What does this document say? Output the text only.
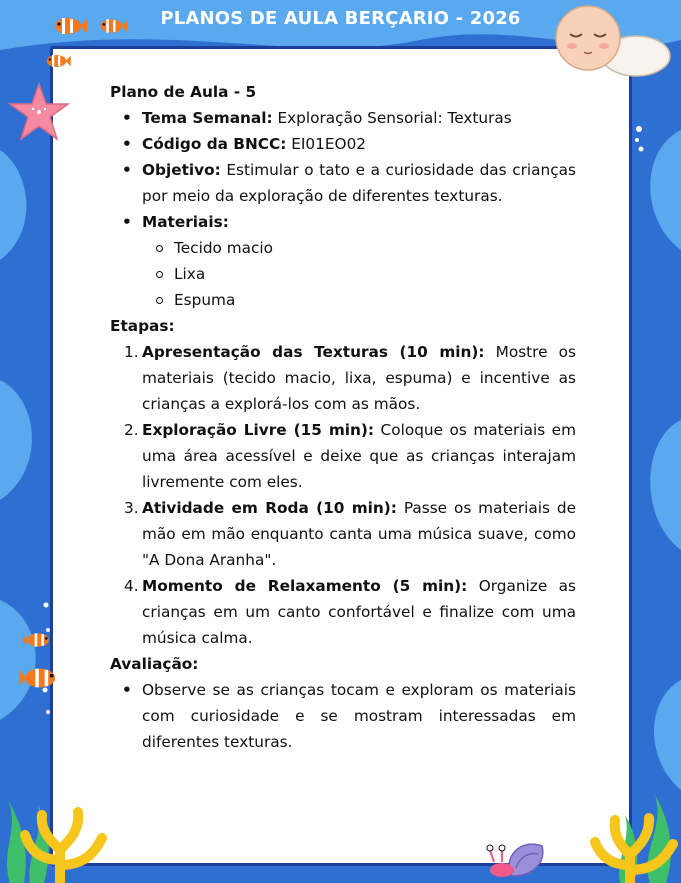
PLANOS DE AULA BERÇARIO - 2026
Plano de Aula - 5
• Tema Semanal: Exploração Sensorial: Texturas
• Código da BNCC: EI01EO02
• Objetivo: Estimular o tato e a curiosidade das crianças por meio da exploração de diferentes texturas.
• Materiais:
Tecido macio
Lixa
Espuma
Etapas:
1. Apresentação das Texturas (10 min): Mostre os materiais (tecido macio, lixa, espuma) e incentive as crianças a explorá-los com as mãos.
2. Exploração Livre (15 min): Coloque os materiais em uma área acessível e deixe que as crianças interajam livremente com eles.
3. Atividade em Roda (10 min): Passe os materiais de mão em mão enquanto canta uma música suave, como "A Dona Aranha".
4. Momento de Relaxamento (5 min): Organize as crianças em um canto confortável e finalize com uma música calma.
Avaliação:
• Observe se as crianças tocam e exploram os materiais com curiosidade e se mostram interessadas em diferentes texturas.
